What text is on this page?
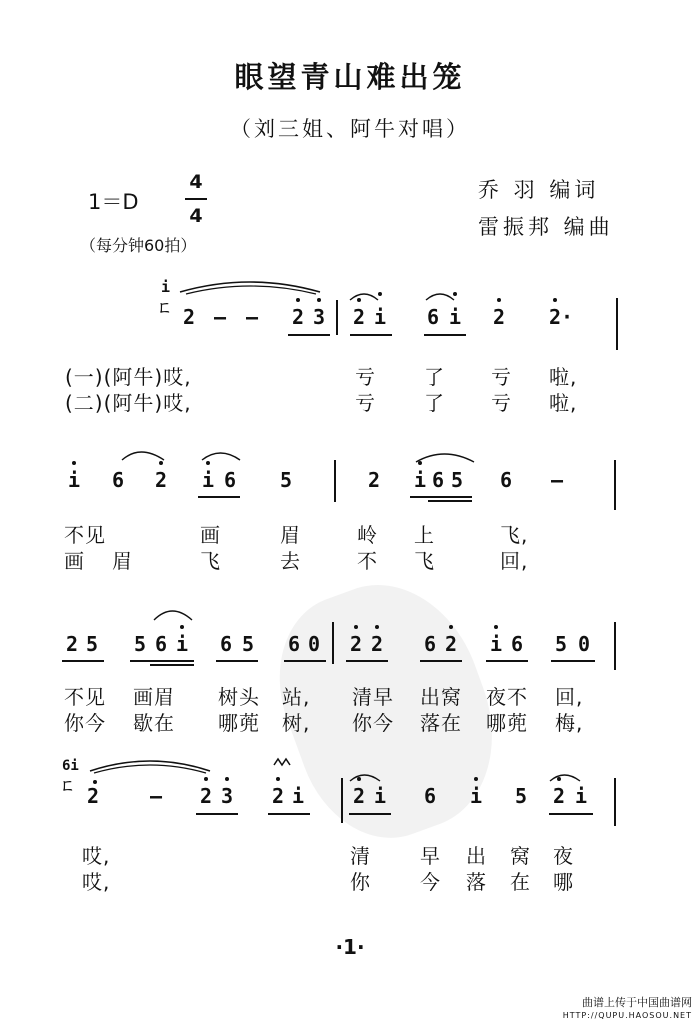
眼望青山难出笼
（刘三姐、阿牛对唱）
1＝D
4
4
（每分钟60拍）
乔 羽 编词
雷振邦 编曲
i
ㄈ 2 — — 2 3 2 i 6 i 2 2·
(一)(阿牛)哎,	亏 了 亏 啦,
(二)(阿牛)哎,	亏 了 亏 啦,
i 6 2 i 6 5	2 i 6 5 6 —
不见	画	眉	岭 上	飞,
画 眉	飞	去	不 飞	回,
2 5 5 6 i 6 5 6 0 2 2 6 2 i 6 5 0
不见 画眉 树头 站, 清早 出窝 夜不 回,
你今 歇在 哪蔸 树, 你今 落在 哪蔸 梅,
6i
ㄈ 2	— 2 3 2 i 2 i 6 i 5 2 i
哎,	清 早 出 窝 夜
哎,	你 今 落 在 哪
·1·
曲谱上传于中国曲谱网
HTTP://QUPU.HAOSOU.NET
